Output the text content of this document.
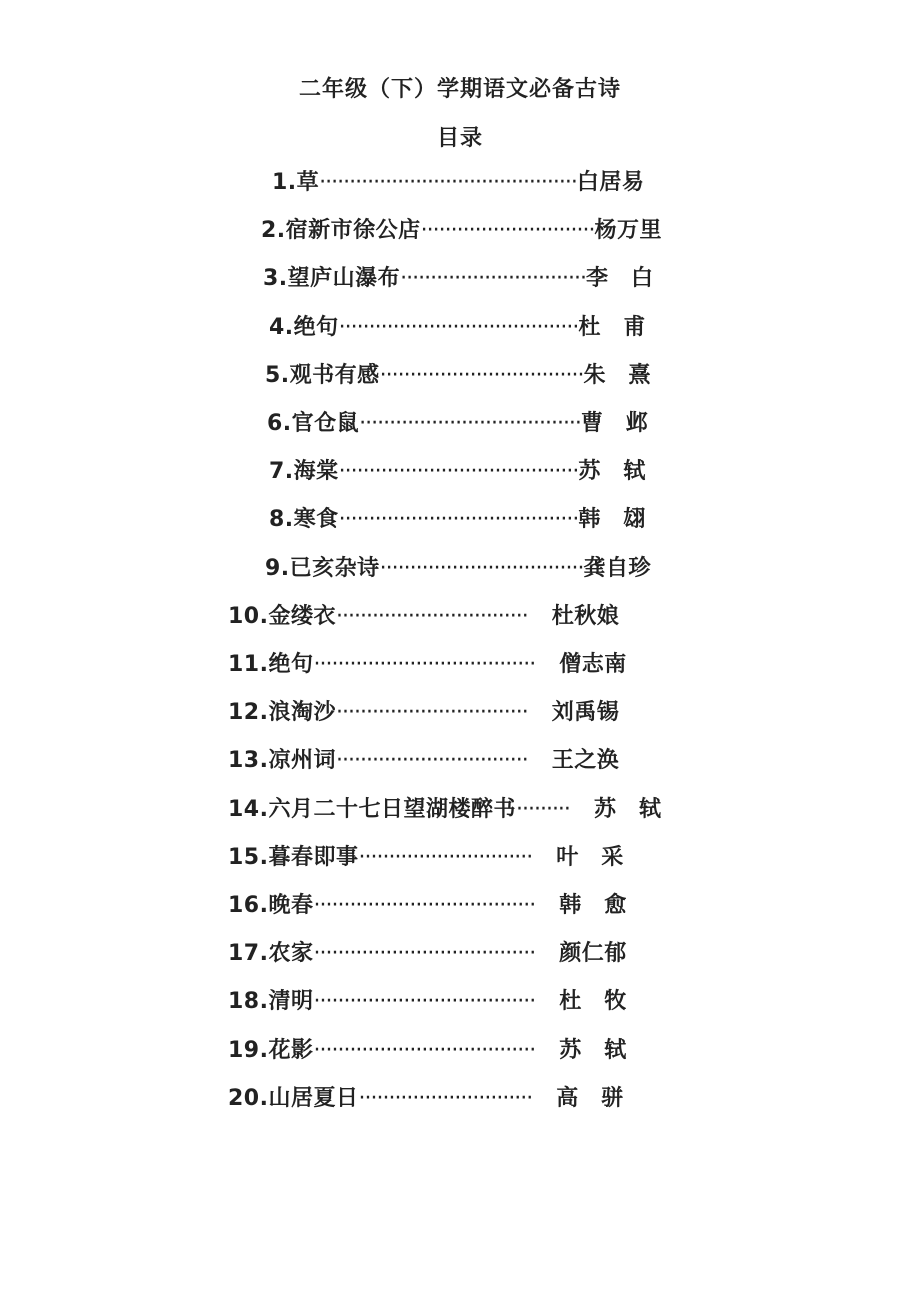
二年级（下）学期语文必备古诗
目录
1.草···········································白居易
2.宿新市徐公店·····························杨万里
3.望庐山瀑布·······························李　白
4.绝句········································杜　甫
5.观书有感··································朱　熹
6.官仓鼠·····································曹　邺
7.海棠········································苏　轼
8.寒食········································韩　翃
9.已亥杂诗··································龚自珍
10.金缕衣································ 杜秋娘
11.绝句····································· 僧志南
12.浪淘沙································ 刘禹锡
13.凉州词································ 王之涣
14.六月二十七日望湖楼醉书········· 苏　轼
15.暮春即事····························· 叶　采
16.晚春····································· 韩　愈
17.农家····································· 颜仁郁
18.清明····································· 杜　牧
19.花影····································· 苏　轼
20.山居夏日····························· 高　骈
